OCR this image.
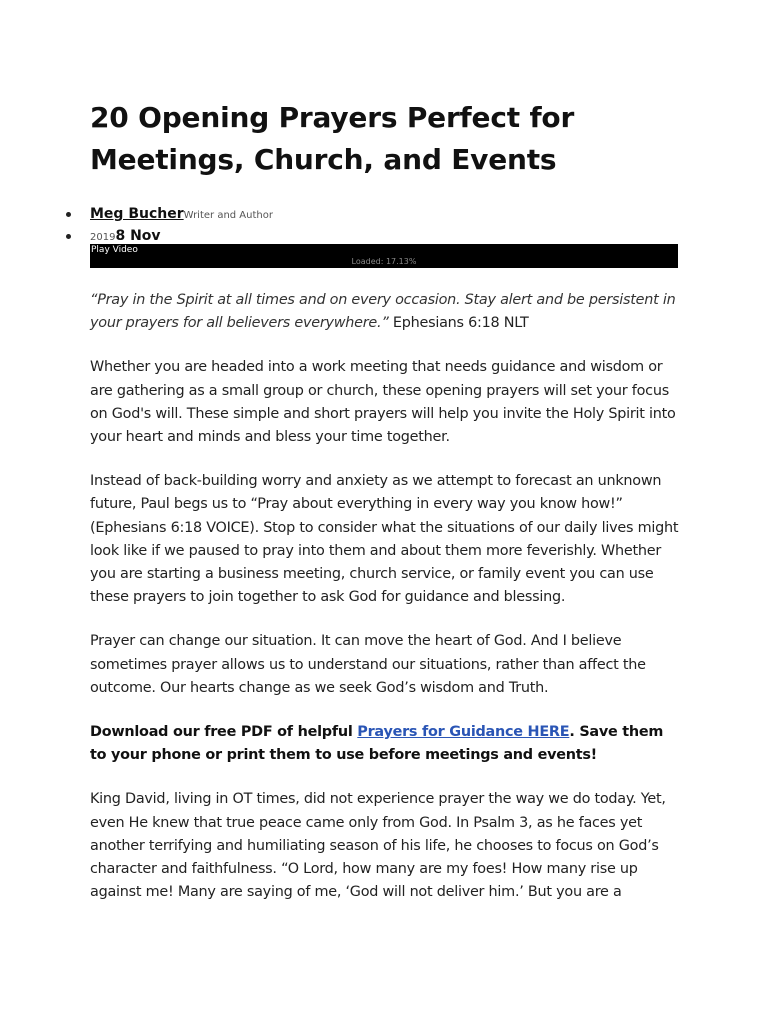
20 Opening Prayers Perfect for Meetings, Church, and Events
Meg BucherWriter and Author
20198 Nov
Play Video
Loaded: 17.13%

“Pray in the Spirit at all times and on every occasion. Stay alert and be persistent in your prayers for all believers everywhere.” Ephesians 6:18 NLT

Whether you are headed into a work meeting that needs guidance and wisdom or are gathering as a small group or church, these opening prayers will set your focus on God's will. These simple and short prayers will help you invite the Holy Spirit into your heart and minds and bless your time together.

Instead of back-building worry and anxiety as we attempt to forecast an unknown future, Paul begs us to “Pray about everything in every way you know how!” (Ephesians 6:18 VOICE). Stop to consider what the situations of our daily lives might look like if we paused to pray into them and about them more feverishly. Whether you are starting a business meeting, church service, or family event you can use these prayers to join together to ask God for guidance and blessing.

Prayer can change our situation. It can move the heart of God. And I believe sometimes prayer allows us to understand our situations, rather than affect the outcome. Our hearts change as we seek God’s wisdom and Truth.

Download our free PDF of helpful Prayers for Guidance HERE. Save them to your phone or print them to use before meetings and events!

King David, living in OT times, did not experience prayer the way we do today. Yet, even He knew that true peace came only from God. In Psalm 3, as he faces yet another terrifying and humiliating season of his life, he chooses to focus on God’s character and faithfulness. “O Lord, how many are my foes! How many rise up against me! Many are saying of me, ‘God will not deliver him.’ But you are a
